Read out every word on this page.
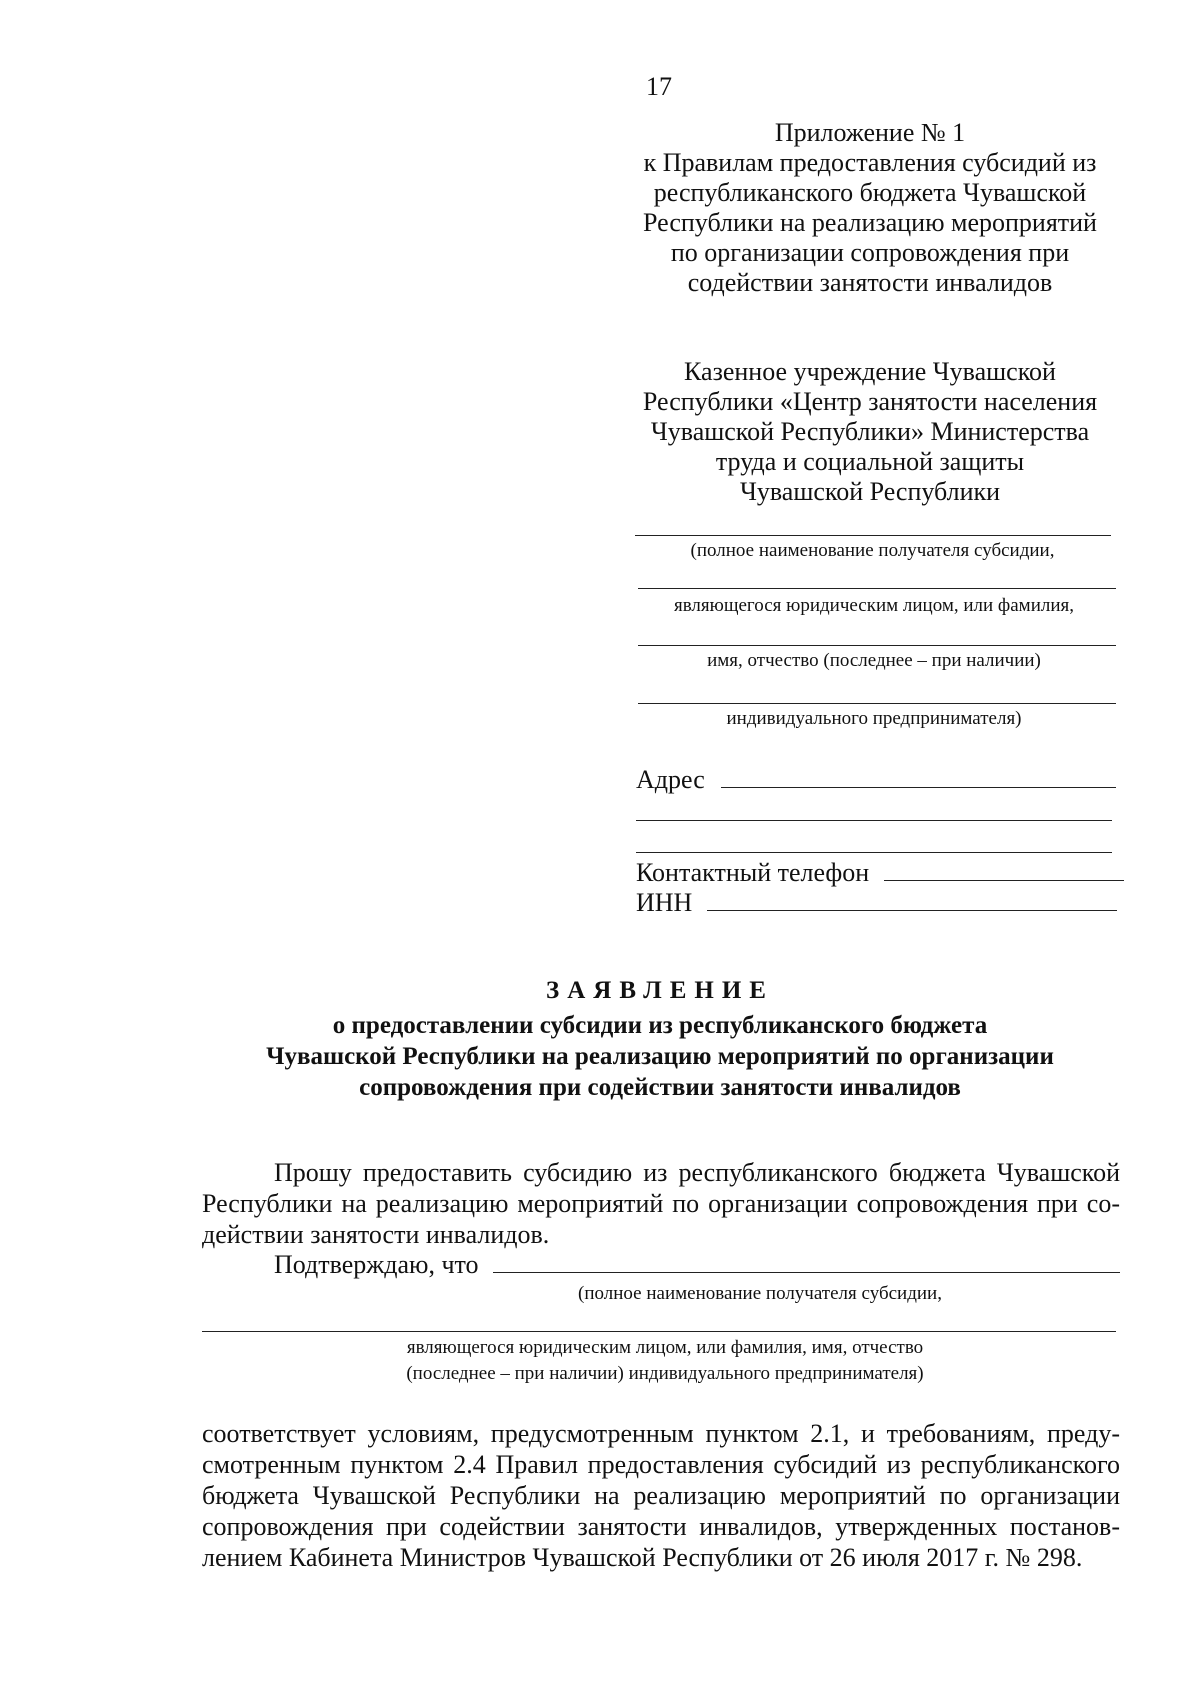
17
Приложение № 1
к Правилам предоставления субсидий из
республиканского бюджета Чувашской
Республики на реализацию мероприятий
по организации сопровождения при
содействии занятости инвалидов
Казенное учреждение Чувашской
Республики «Центр занятости населения
Чувашской Республики» Министерства
труда и социальной защиты
Чувашской Республики
(полное наименование получателя субсидии,
являющегося юридическим лицом, или фамилия,
имя, отчество (последнее – при наличии)
индивидуального предпринимателя)
Адрес
Контактный телефон
ИНН
ЗАЯВЛЕНИЕ
о предоставлении субсидии из республиканского бюджета
Чувашской Республики на реализацию мероприятий по организации
сопровождения при содействии занятости инвалидов
Прошу предоставить субсидию из республиканского бюджета Чувашской
Республики на реализацию мероприятий по организации сопровождения при со-
действии занятости инвалидов.
Подтверждаю, что
(полное наименование получателя субсидии,
являющегося юридическим лицом, или фамилия, имя, отчество
(последнее – при наличии) индивидуального предпринимателя)
соответствует условиям, предусмотренным пунктом 2.1, и требованиям, преду-
смотренным пунктом 2.4 Правил предоставления субсидий из республиканского
бюджета Чувашской Республики на реализацию мероприятий по организации
сопровождения при содействии занятости инвалидов, утвержденных постанов-
лением Кабинета Министров Чувашской Республики от 26 июля 2017 г. № 298.
